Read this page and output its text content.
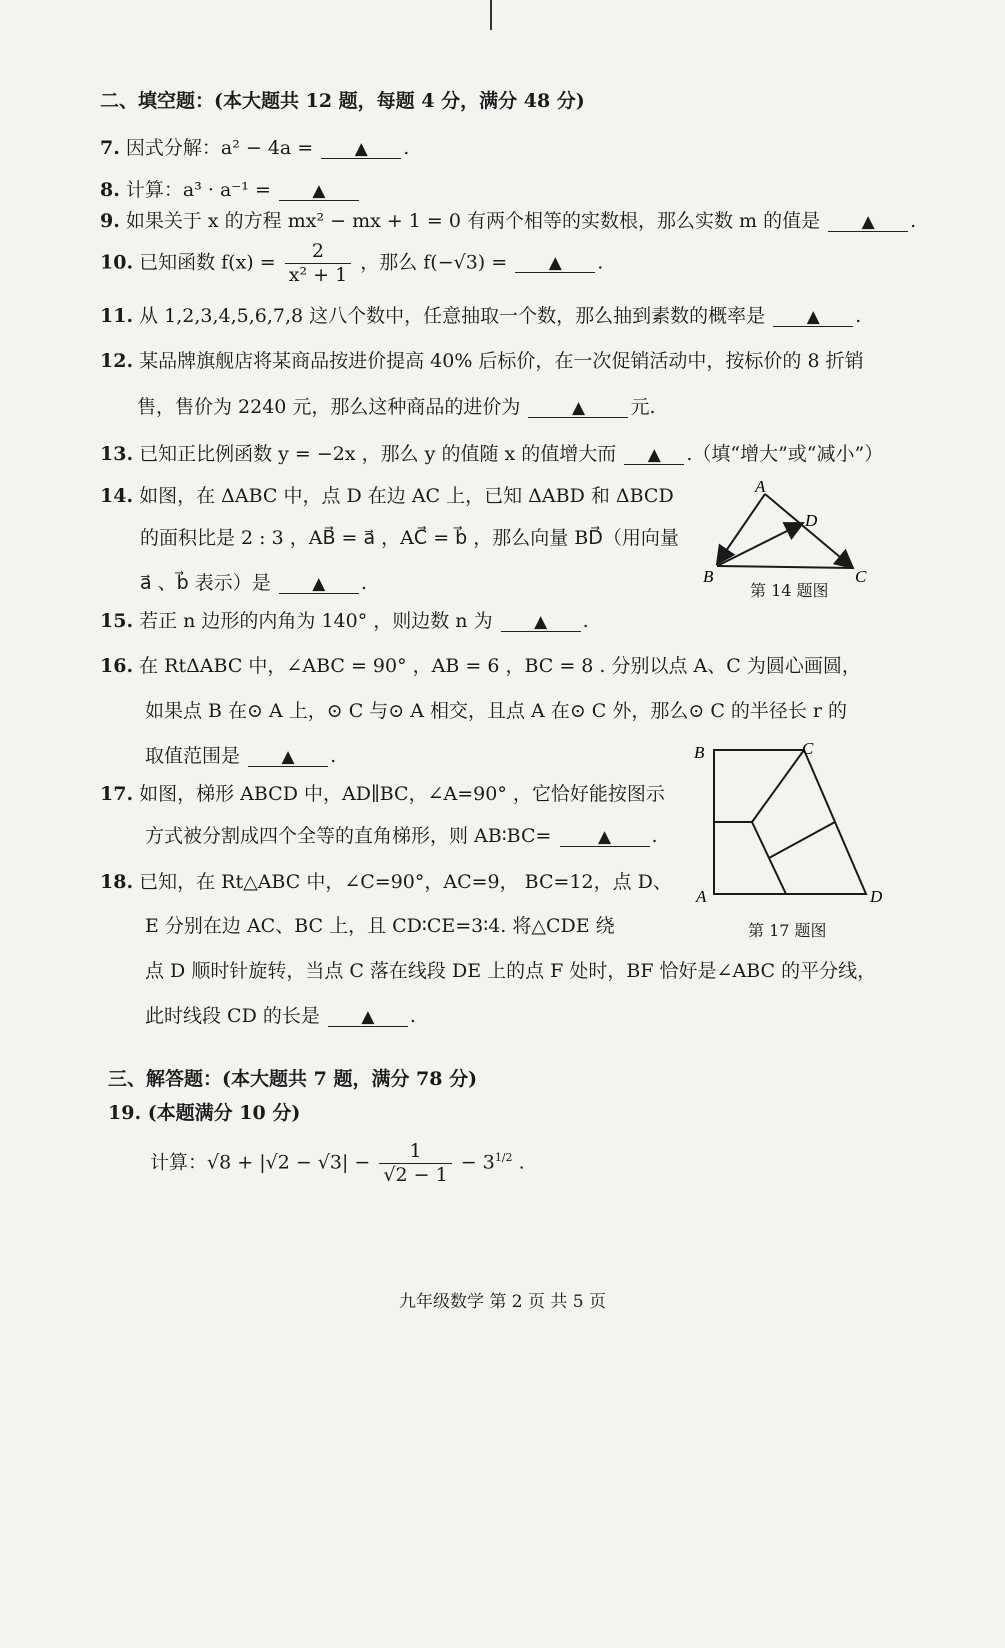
二、填空题：(本大题共 12 题，每题 4 分，满分 48 分)
7. 因式分解：a² − 4a = ▲ .
8. 计算：a³ · a⁻¹ = ▲
9. 如果关于 x 的方程 mx² − mx + 1 = 0 有两个相等的实数根，那么实数 m 的值是 ▲ .
10. 已知函数 $f(x) = \frac{2}{\text{x² + 1}}$ ，那么 f(−√3) = ▲ .
11. 从 1,2,3,4,5,6,7,8 这八个数中，任意抽取一个数，那么抽到素数的概率是 ▲ .
12. 某品牌旗舰店将某商品按进价提高 40% 后标价，在一次促销活动中，按标价的 8 折销
售，售价为 2240 元，那么这种商品的进价为	▲ 元.
13. 已知正比例函数 y = −2x ，那么 y 的值随 x 的值增大而 ▲ .（填“增大”或“减小”）
14. 如图，在 ΔABC 中，点 D 在边 AC 上，已知 ΔABD 和 ΔBCD
的面积比是 2 : 3 ，AB⃗ = a⃗ ，AC⃗ = b⃗ ，那么向量 BD⃗（用向量
a⃗ 、b⃗ 表示）是 ▲ .
A
D
B	C
第 14 题图
15. 若正 n 边形的内角为 140° ，则边数 n 为 ▲ .
16. 在 RtΔABC 中，∠ABC = 90° ，AB = 6 ，BC = 8 . 分别以点 A、C 为圆心画圆，
如果点 B 在⊙ A 上，⊙ C 与⊙ A 相交，且点 A 在⊙ C 外，那么⊙ C 的半径长 r 的
取值范围是 ▲ .
17. 如图，梯形 ABCD 中，AD∥BC，∠A=90° ，它恰好能按图示
方式被分割成四个全等的直角梯形，则 AB∶BC=	▲ .
B	C
A	D
第 17 题图
18. 已知，在 Rt△ABC 中，∠C=90°，AC=9， BC=12，点 D、
E 分别在边 AC、BC 上，且 CD∶CE=3∶4. 将△CDE 绕
点 D 顺时针旋转，当点 C 落在线段 DE 上的点 F 处时，BF 恰好是∠ABC 的平分线，
此时线段 CD 的长是 ▲ .
三、解答题：(本大题共 7 题，满分 78 分)
19. (本题满分 10 分)
计算：$√8 + |√2 - √3| - \frac{1}{√2 - 1} - 3^{1/2}$ .
九年级数学 第 2 页 共 5 页
